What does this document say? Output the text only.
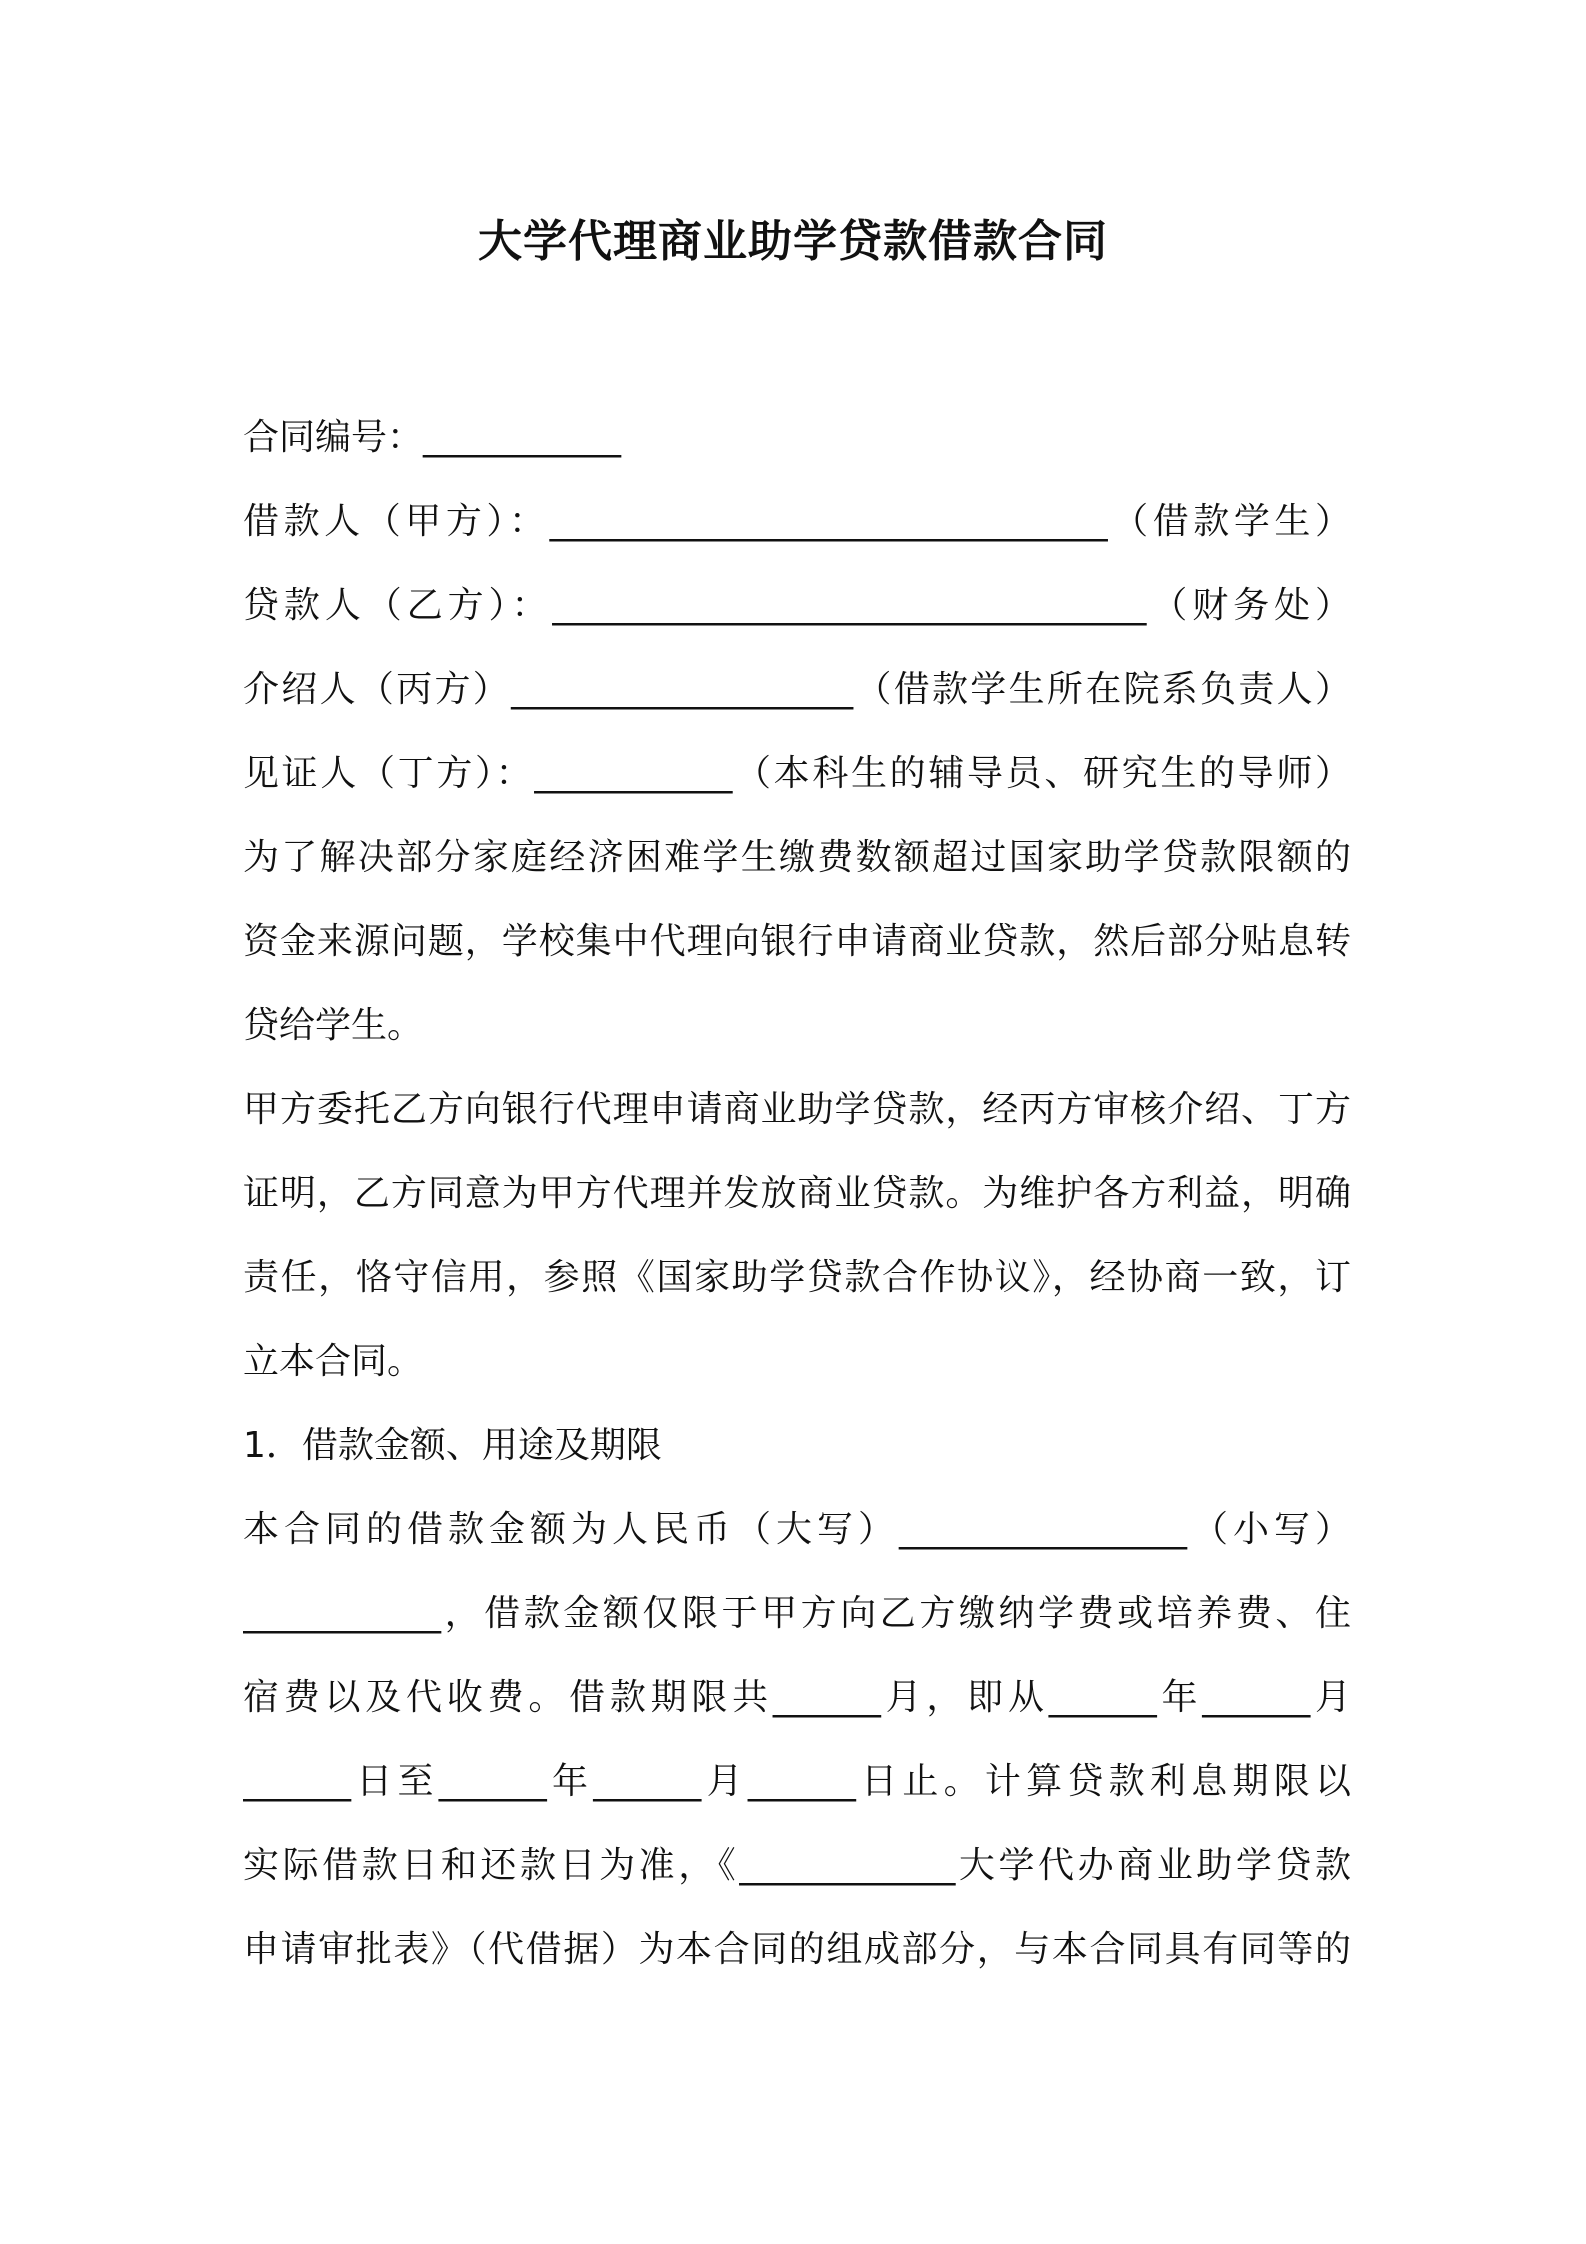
大学代理商业助学贷款借款合同
合同编号：___________
借款人（甲方）：_______________________________（借款学生）
贷款人（乙方）：_________________________________（财务处）
介绍人（丙方）___________________（借款学生所在院系负责人）
见证人（丁方）：___________（本科生的辅导员、研究生的导师）
为了解决部分家庭经济困难学生缴费数额超过国家助学贷款限额的
资金来源问题，学校集中代理向银行申请商业贷款，然后部分贴息转
贷给学生。
甲方委托乙方向银行代理申请商业助学贷款，经丙方审核介绍、丁方
证明，乙方同意为甲方代理并发放商业贷款。为维护各方利益，明确
责任，恪守信用，参照《国家助学贷款合作协议》，经协商一致，订
立本合同。
1．借款金额、用途及期限
本合同的借款金额为人民币（大写）________________（小写）
___________，借款金额仅限于甲方向乙方缴纳学费或培养费、住
宿费以及代收费。借款期限共______月，即从______年______月
______日至______年______月______日止。计算贷款利息期限以
实际借款日和还款日为准，《____________大学代办商业助学贷款
申请审批表》（代借据）为本合同的组成部分，与本合同具有同等的
